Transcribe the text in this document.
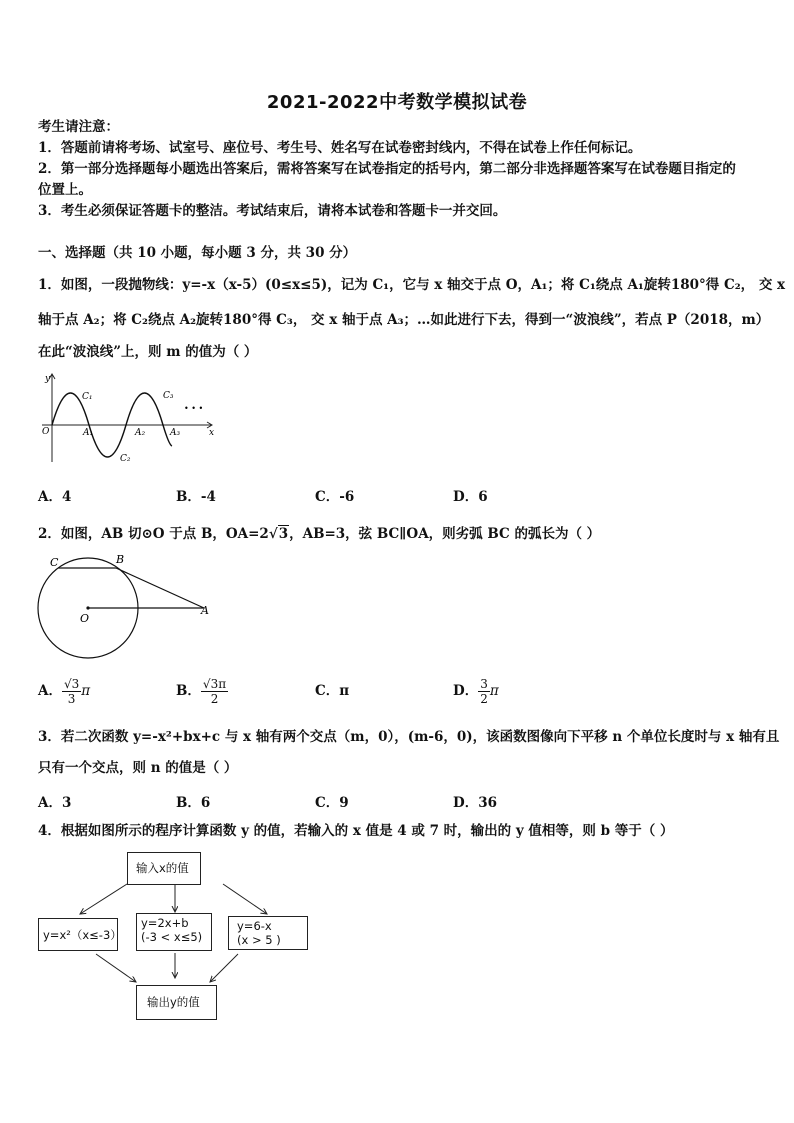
2021-2022中考数学模拟试卷
考生请注意：
1．答题前请将考场、试室号、座位号、考生号、姓名写在试卷密封线内，不得在试卷上作任何标记。
2．第一部分选择题每小题选出答案后，需将答案写在试卷指定的括号内，第二部分非选择题答案写在试卷题目指定的
位置上。
3．考生必须保证答题卡的整洁。考试结束后，请将本试卷和答题卡一并交回。
一、选择题（共 10 小题，每小题 3 分，共 30 分）
1．如图，一段抛物线：y=-x（x-5）(0≤x≤5)，记为 C₁，它与 x 轴交于点 O，A₁；将 C₁绕点 A₁旋转180°得 C₂， 交 x
轴于点 A₂；将 C₂绕点 A₂旋转180°得 C₃， 交 x 轴于点 A₃；…如此进行下去，得到一“波浪线”，若点 P（2018，m）
在此“波浪线”上，则 m 的值为（ ）
y
x
O	A₁	A₂	A₃
C₁
C₂
C₃
• • •
A．4	B．-4	C．-6	D．6
2．如图，AB 切⊙O 于点 B，OA=2√3，AB=3，弦 BC∥OA，则劣弧 BC 的弧长为（ ）
C	B
O
A
A． $\frac{√3}{3}$ π	B． $\frac{√3\pi}{2}$	C．π	D． $\frac{3}{2}$ π
3．若二次函数 y=-x²+bx+c 与 x 轴有两个交点（m，0），(m-6，0)，该函数图像向下平移 n 个单位长度时与 x 轴有且
只有一个交点，则 n 的值是（ ）
A．3	B．6	C．9	D．36
4．根据如图所示的程序计算函数 y 的值，若输入的 x 值是 4 或 7 时，输出的 y 值相等，则 b 等于（ ）
输入x的值
y=x²（x≤-3）
y=2x+b
(-3 < x≤5)
y=6-x
(x > 5 )
输出y的值
